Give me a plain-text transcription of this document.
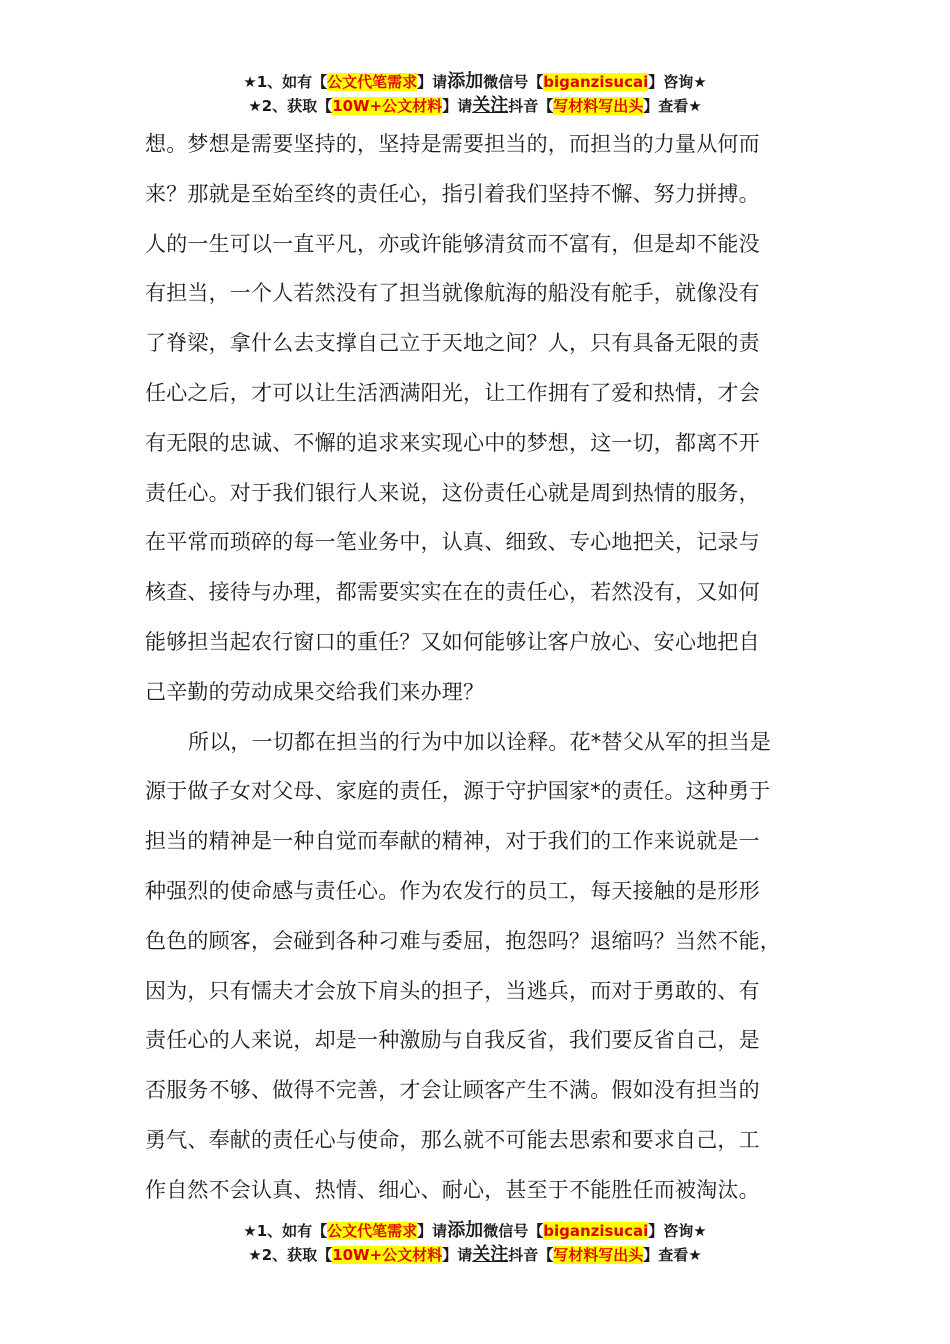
★1、如有【公文代笔需求】请添加微信号【biganzisucai】咨询★
★2、获取【10W+公文材料】请关注抖音【写材料写出头】查看★
想。梦想是需要坚持的，坚持是需要担当的，而担当的力量从何而
来？那就是至始至终的责任心，指引着我们坚持不懈、努力拼搏。
人的一生可以一直平凡，亦或许能够清贫而不富有，但是却不能没
有担当，一个人若然没有了担当就像航海的船没有舵手，就像没有
了脊梁，拿什么去支撑自己立于天地之间？人，只有具备无限的责
任心之后，才可以让生活洒满阳光，让工作拥有了爱和热情，才会
有无限的忠诚、不懈的追求来实现心中的梦想，这一切，都离不开
责任心。对于我们银行人来说，这份责任心就是周到热情的服务，
在平常而琐碎的每一笔业务中，认真、细致、专心地把关，记录与
核查、接待与办理，都需要实实在在的责任心，若然没有，又如何
能够担当起农行窗口的重任？又如何能够让客户放心、安心地把自
己辛勤的劳动成果交给我们来办理？
所以，一切都在担当的行为中加以诠释。花*替父从军的担当是
源于做子女对父母、家庭的责任，源于守护国家*的责任。这种勇于
担当的精神是一种自觉而奉献的精神，对于我们的工作来说就是一
种强烈的使命感与责任心。作为农发行的员工，每天接触的是形形
色色的顾客，会碰到各种刁难与委屈，抱怨吗？退缩吗？当然不能，
因为，只有懦夫才会放下肩头的担子，当逃兵，而对于勇敢的、有
责任心的人来说，却是一种激励与自我反省，我们要反省自己，是
否服务不够、做得不完善，才会让顾客产生不满。假如没有担当的
勇气、奉献的责任心与使命，那么就不可能去思索和要求自己，工
作自然不会认真、热情、细心、耐心，甚至于不能胜任而被淘汰。
★1、如有【公文代笔需求】请添加微信号【biganzisucai】咨询★
★2、获取【10W+公文材料】请关注抖音【写材料写出头】查看★
